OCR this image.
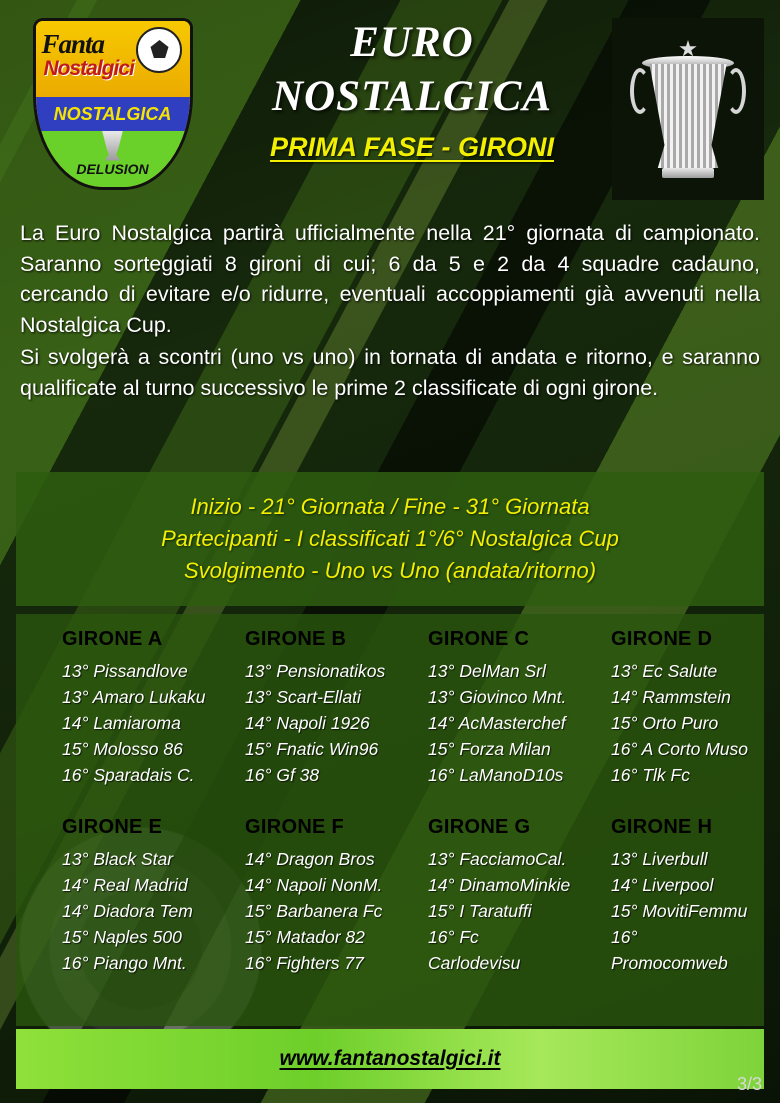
Fanta
Nostalgici
NOSTALGICA
DELUSION
EURO
NOSTALGICA
PRIMA FASE - GIRONI

La Euro Nostalgica partirà ufficialmente nella 21° giornata di campionato. Saranno sorteggiati 8 gironi di cui; 6 da 5 e 2 da 4 squadre cadauno, cercando di evitare e/o ridurre, eventuali accoppiamenti già avvenuti nella Nostalgica Cup.

Si svolgerà a scontri (uno vs uno) in tornata di andata e ritorno, e saranno qualificate al turno successivo le prime 2 classificate di ogni girone.

Inizio - 21° Giornata / Fine - 31° Giornata
Partecipanti - I classificati 1°/6° Nostalgica Cup
Svolgimento - Uno vs Uno (andata/ritorno)
GIRONE A
13° Pissandlove
13° Amaro Lukaku
14° Lamiaroma
15° Molosso 86
16° Sparadais C.
GIRONE B
13° Pensionatikos
13° Scart-Ellati
14° Napoli 1926
15° Fnatic Win96
16° Gf 38
GIRONE C
13° DelMan Srl
13° Giovinco Mnt.
14° AcMasterchef
15° Forza Milan
16° LaManoD10s
GIRONE D
13° Ec Salute
14° Rammstein
15° Orto Puro
16° A Corto Muso
16° Tlk Fc
GIRONE E
13° Black Star
14° Real Madrid
14° Diadora Tem
15° Naples 500
16° Piango Mnt.
GIRONE F
14° Dragon Bros
14° Napoli NonM.
15° Barbanera Fc
15° Matador 82
16° Fighters 77
GIRONE G
13° FacciamoCal.
14° DinamoMinkie
15° I Taratuffi
16° Fc Carlodevisu
GIRONE H
13° Liverbull
14° Liverpool
15° MovitiFemmu
16° Promocomweb
www.fantanostalgici.it
3/3
